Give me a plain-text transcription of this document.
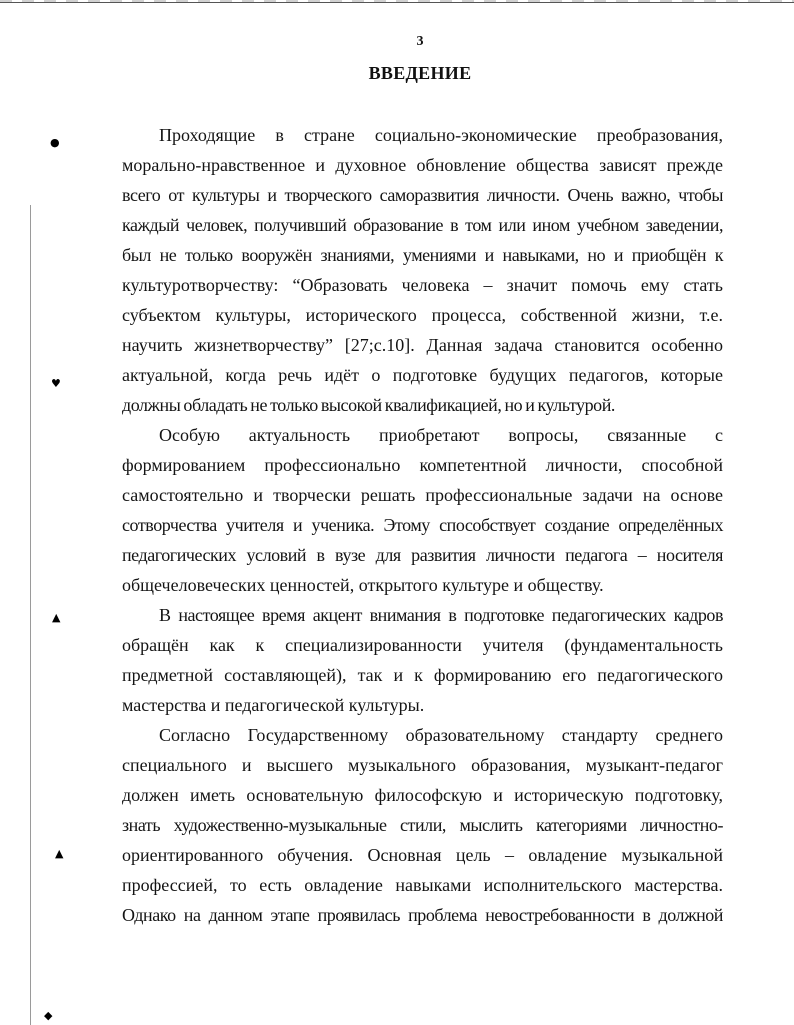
3
ВВЕДЕНИЕ
Проходящие в стране социально-экономические преобразования,
морально-нравственное и духовное обновление общества зависят прежде
всего от культуры и творческого саморазвития личности. Очень важно, чтобы
каждый человек, получивший образование в том или ином учебном заведении,
был не только вооружён знаниями, умениями и навыками, но и приобщён к
культуротворчеству: “Образовать человека – значит помочь ему стать
субъектом культуры, исторического процесса, собственной жизни, т.е.
научить жизнетворчеству” [27;с.10]. Данная задача становится особенно
актуальной, когда речь идёт о подготовке будущих педагогов, которые
должны обладать не только высокой квалификацией, но и культурой.
Особую актуальность приобретают вопросы, связанные с
формированием профессионально компетентной личности, способной
самостоятельно и творчески решать профессиональные задачи на основе
сотворчества учителя и ученика. Этому способствует создание определённых
педагогических условий в вузе для развития личности педагога – носителя
общечеловеческих ценностей, открытого культуре и обществу.
В настоящее время акцент внимания в подготовке педагогических кадров
обращён как к специализированности учителя (фундаментальность
предметной составляющей), так и к формированию его педагогического
мастерства и педагогической культуры.
Согласно Государственному образовательному стандарту среднего
специального и высшего музыкального образования, музыкант-педагог
должен иметь основательную философскую и историческую подготовку,
знать художественно-музыкальные стили, мыслить категориями личностно-
ориентированного обучения. Основная цель – овладение музыкальной
профессией, то есть овладение навыками исполнительского мастерства.
Однако на данном этапе проявилась проблема невостребованности в должной
●
♥
▲
▲
◆
